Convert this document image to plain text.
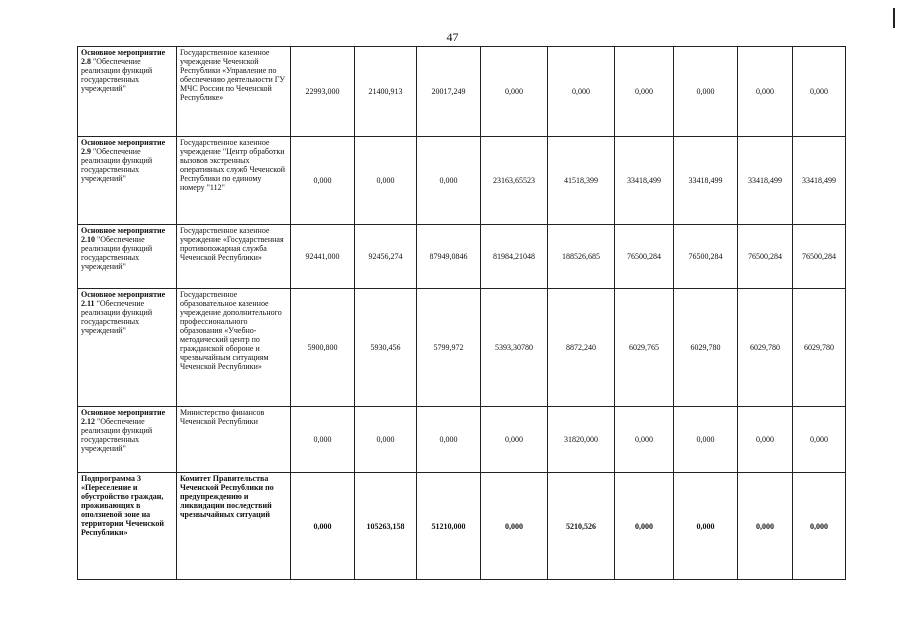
47
Основное мероприятие 2.8 "Обеспечение реализации функций государственных учреждений"	Государственное казенное учреждение Чеченской Республики «Управление по обеспечению деятельности ГУ МЧС России по Чеченской Республике»	22993,000	21400,913	20017,249	0,000	0,000	0,000	0,000	0,000	0,000
Основное мероприятие 2.9 "Обеспечение реализации функций государственных учреждений"	Государственное казенное учреждение "Центр обработки вызовов экстренных оперативных служб Чеченской Республики по единому номеру "112"	0,000	0,000	0,000	23163,65523	41518,399	33418,499	33418,499	33418,499	33418,499
Основное мероприятие 2.10 "Обеспечение реализации функций государственных учреждений"	Государственное казенное учреждение «Государственная противопожарная служба Чеченской Республики»	92441,000	92456,274	87949,0846	81984,21048	188526,685	76500,284	76500,284	76500,284	76500,284
Основное мероприятие 2.11 "Обеспечение реализации функций государственных учреждений"	Государственное образовательное казенное учреждение дополнительного профессионального образования «Учебно-методический центр по гражданской обороне и чрезвычайным ситуациям Чеченской Республики»	5900,800	5930,456	5799,972	5393,30780	8872,240	6029,765	6029,780	6029,780	6029,780
Основное мероприятие 2.12 "Обеспечение реализации функций государственных учреждений"	Министерство финансов Чеченской Республики	0,000	0,000	0,000	0,000	31820,000	0,000	0,000	0,000	0,000
Подпрограмма 3 «Переселение и обустройство граждан, проживающих в оползневой зоне на территории Чеченской Республики»	Комитет Правительства Чеченской Республики по предупреждению и ликвидации последствий чрезвычайных ситуаций	0,000	105263,158	51210,000	0,000	5210,526	0,000	0,000	0,000	0,000
